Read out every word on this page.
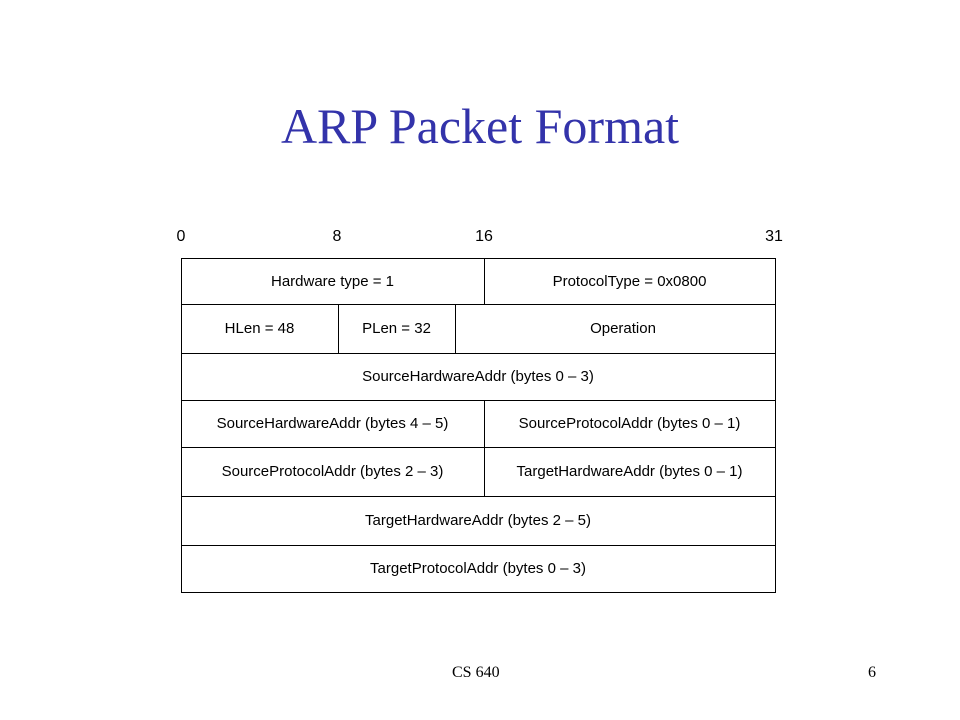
ARP Packet Format
0	8	16	31
Hardware type = 1	ProtocolType = 0x0800
HLen = 48	PLen = 32	Operation
SourceHardwareAddr (bytes 0 – 3)
SourceHardwareAddr (bytes 4 – 5)	SourceProtocolAddr (bytes 0 – 1)
SourceProtocolAddr (bytes 2 – 3)	TargetHardwareAddr (bytes 0 – 1)
TargetHardwareAddr (bytes 2 – 5)
TargetProtocolAddr (bytes 0 – 3)
CS 640	6
